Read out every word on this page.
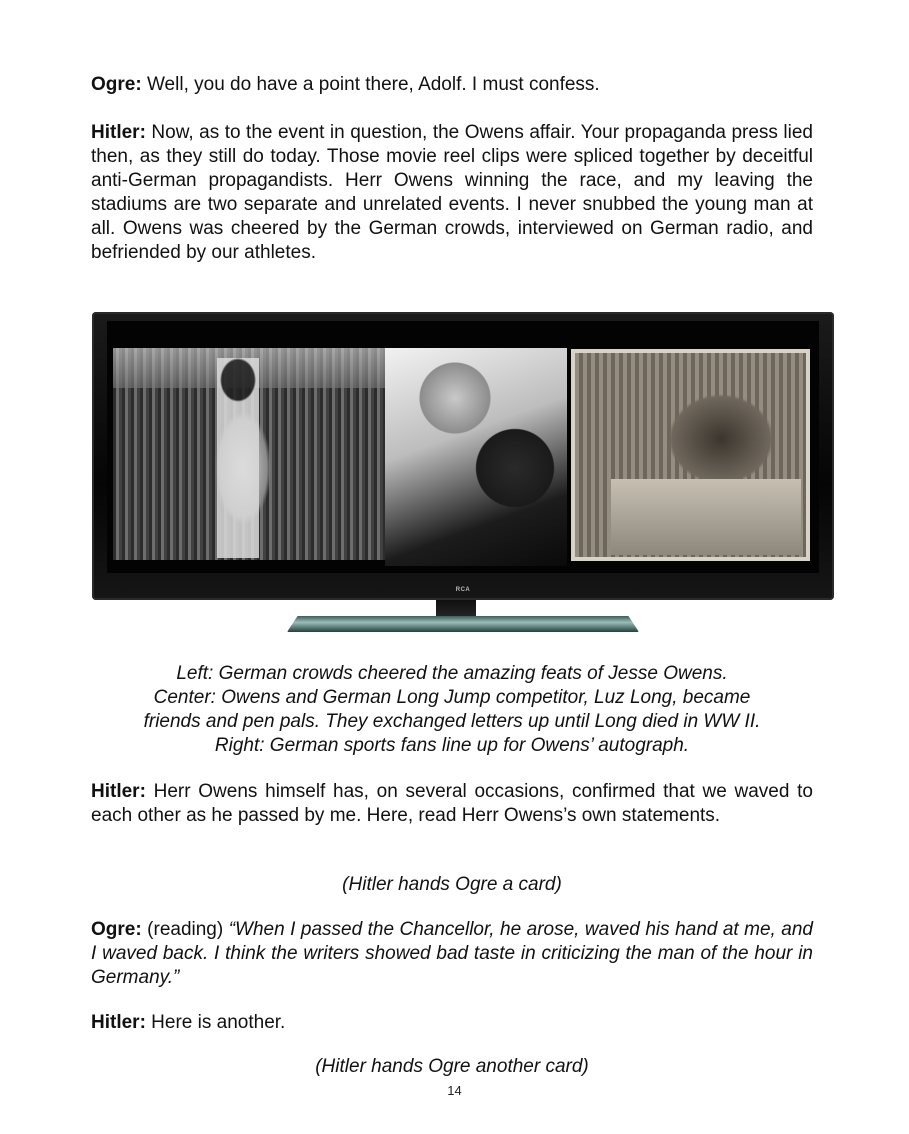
Ogre: Well, you do have a point there, Adolf. I must confess.

Hitler: Now, as to the event in question, the Owens affair. Your propaganda press lied then, as they still do today. Those movie reel clips were spliced together by deceitful anti-German propagandists. Herr Owens winning the race, and my leaving the stadiums are two separate and unrelated events. I never snubbed the young man at all. Owens was cheered by the German crowds, interviewed on German radio, and befriended by our athletes.

RCA
Left: German crowds cheered the amazing feats of Jesse Owens.
Center: Owens and German Long Jump competitor, Luz Long, became
friends and pen pals. They exchanged letters up until Long died in WW II.
Right: German sports fans line up for Owens’ autograph.

Hitler: Herr Owens himself has, on several occasions, confirmed that we waved to each other as he passed by me. Here, read Herr Owens’s own statements.

(Hitler hands Ogre a card)

Ogre: (reading) “When I passed the Chancellor, he arose, waved his hand at me, and I waved back. I think the writers showed bad taste in criticizing the man of the hour in Germany.”

Hitler: Here is another.

(Hitler hands Ogre another card)

14
